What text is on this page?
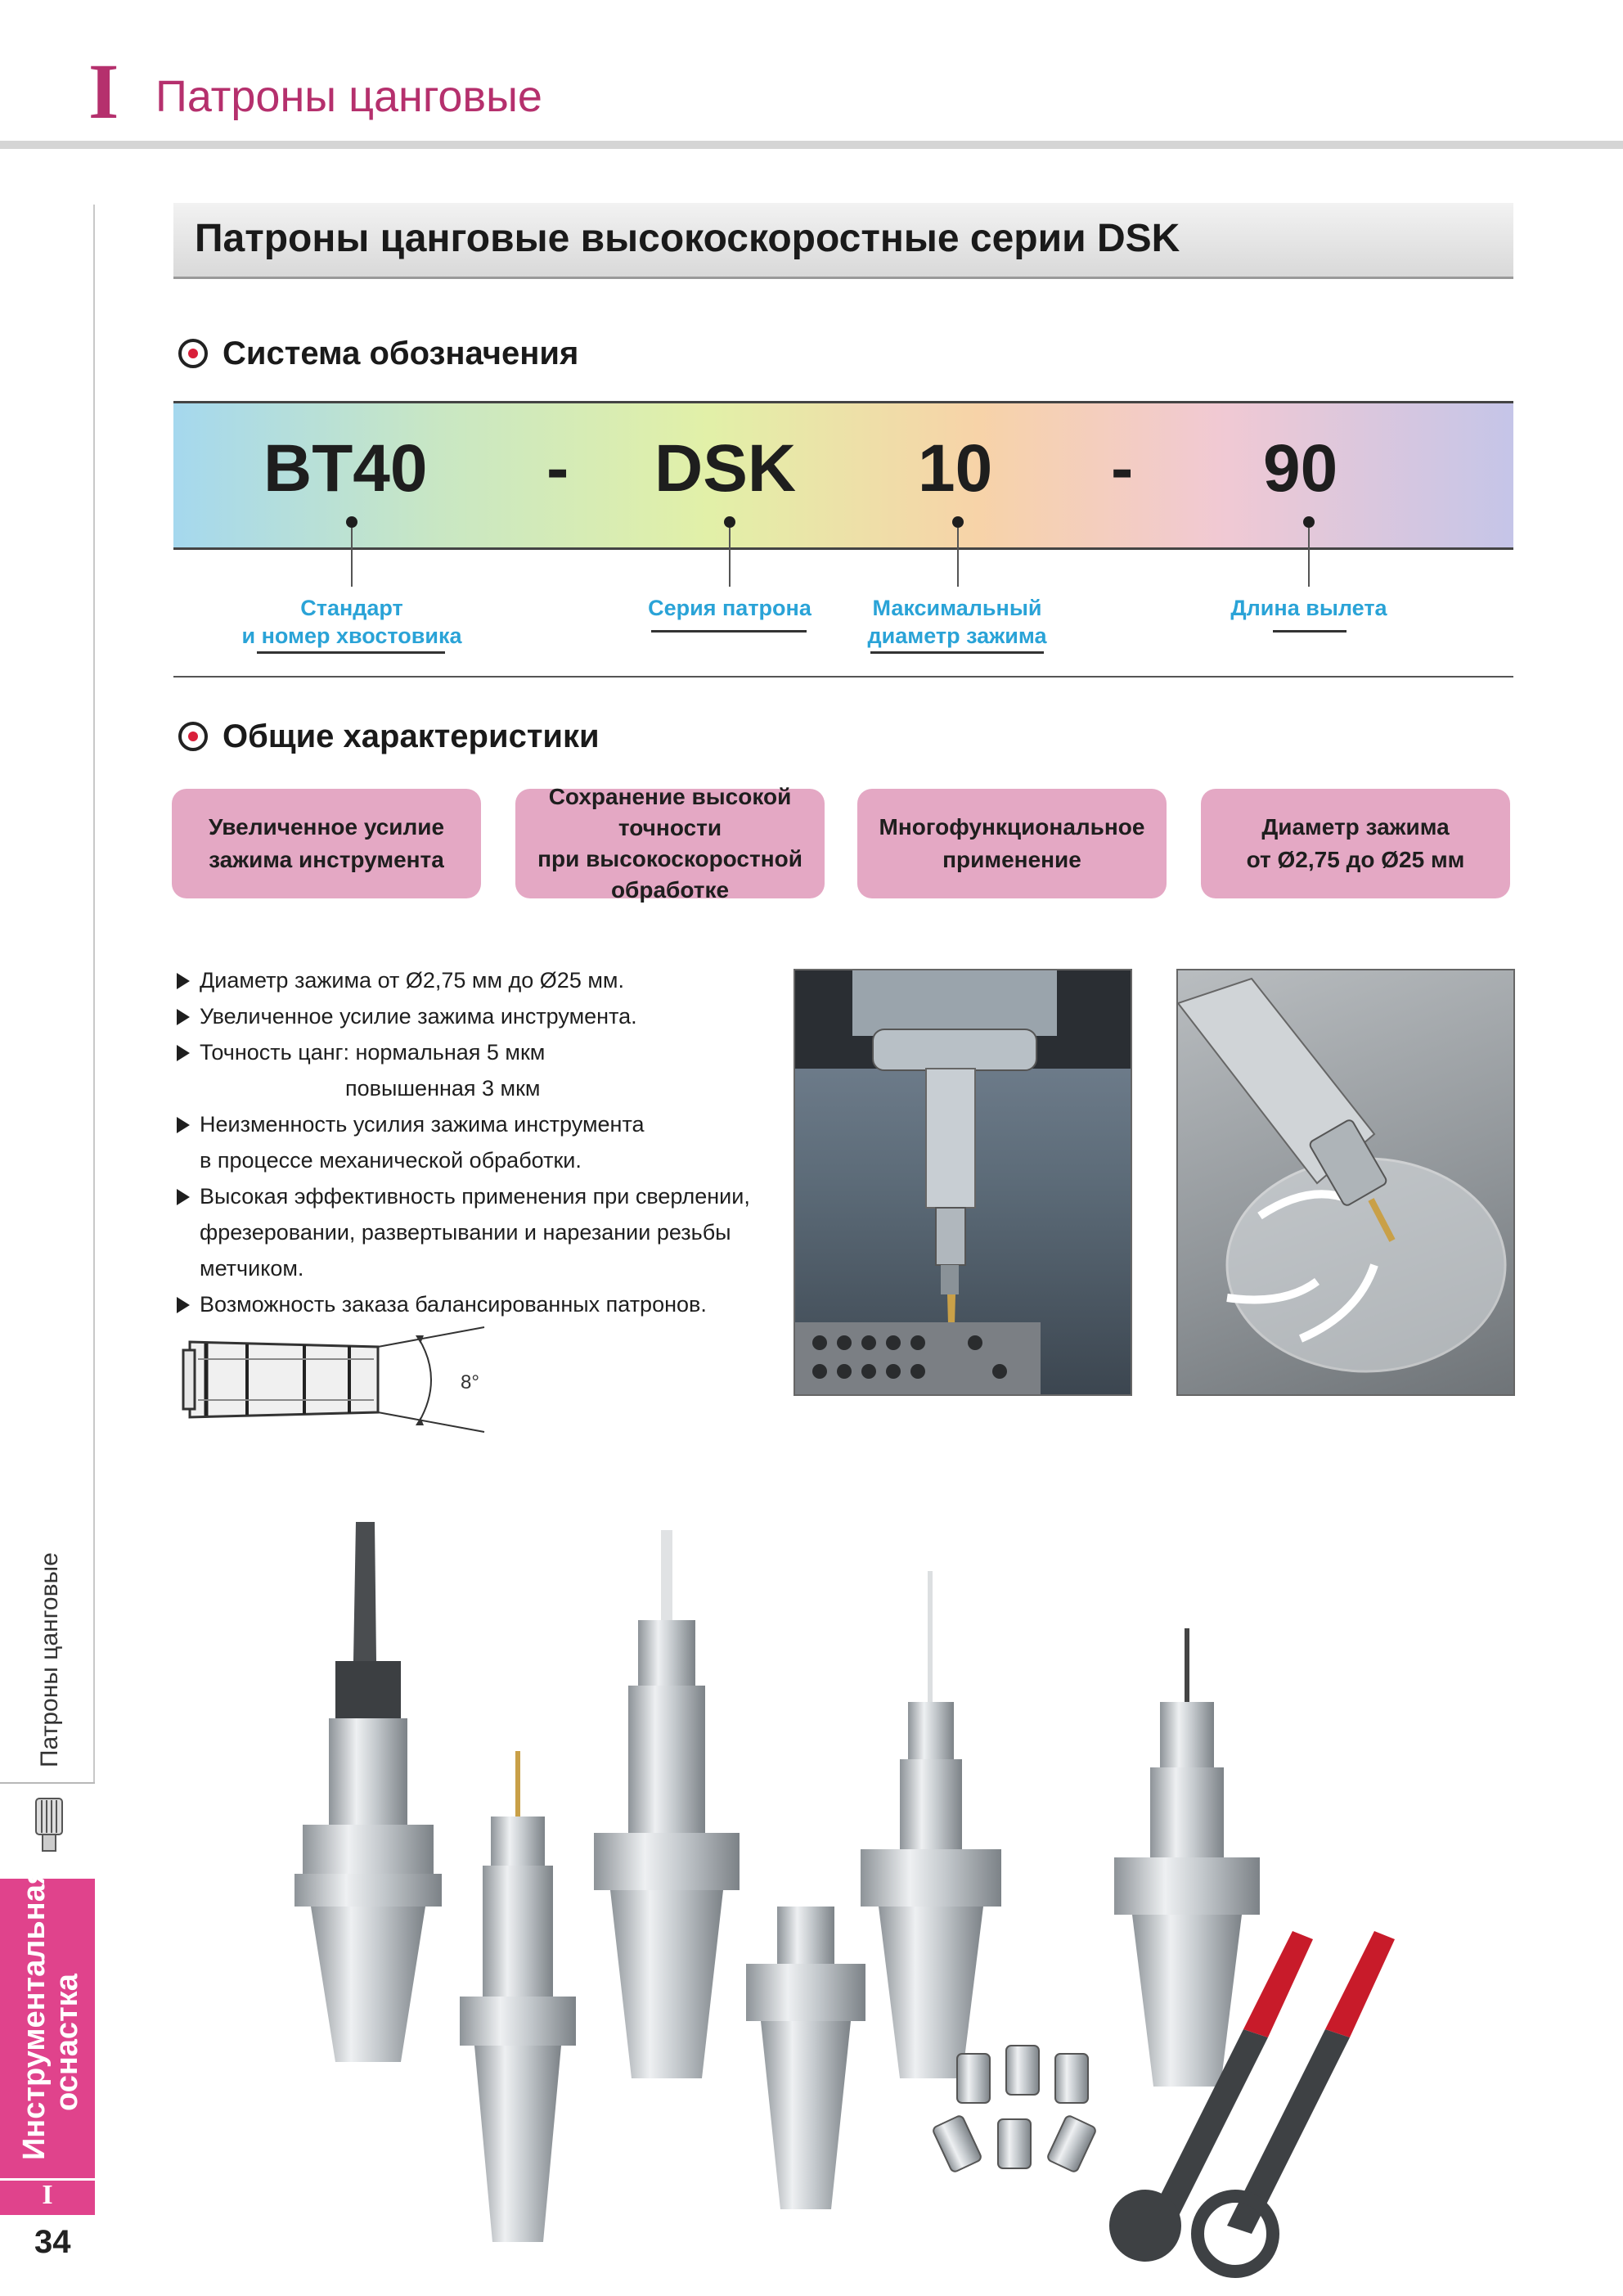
I Патроны цанговые
Патроны цанговые
Инструментальная
оснастка
I
34
Патроны цанговые высокоскоростные серии DSK
Система обозначения
BT40 - DSK 10 - 90
Стандарт
и номер хвостовика
Серия патрона	Максимальный
диаметр зажима
Длина вылета
Общие характеристики
Увеличенное усилие
зажима инструмента
Сохранение высокой точности
при высокоскоростной
обработке
Многофункциональное
применение
Диаметр зажима
от Ø2,75 до Ø25 мм
Диаметр зажима от Ø2,75 мм до Ø25 мм.
Увеличенное усилие зажима инструмента.
Точность цанг: нормальная 5 мкм
повышенная 3 мкм
Неизменность усилия зажима инструмента
в процессе механической обработки.
Высокая эффективность применения при сверлении,
фрезеровании, развертывании и нарезании резьбы
метчиком.
Возможность заказа балансированных патронов.
8°
